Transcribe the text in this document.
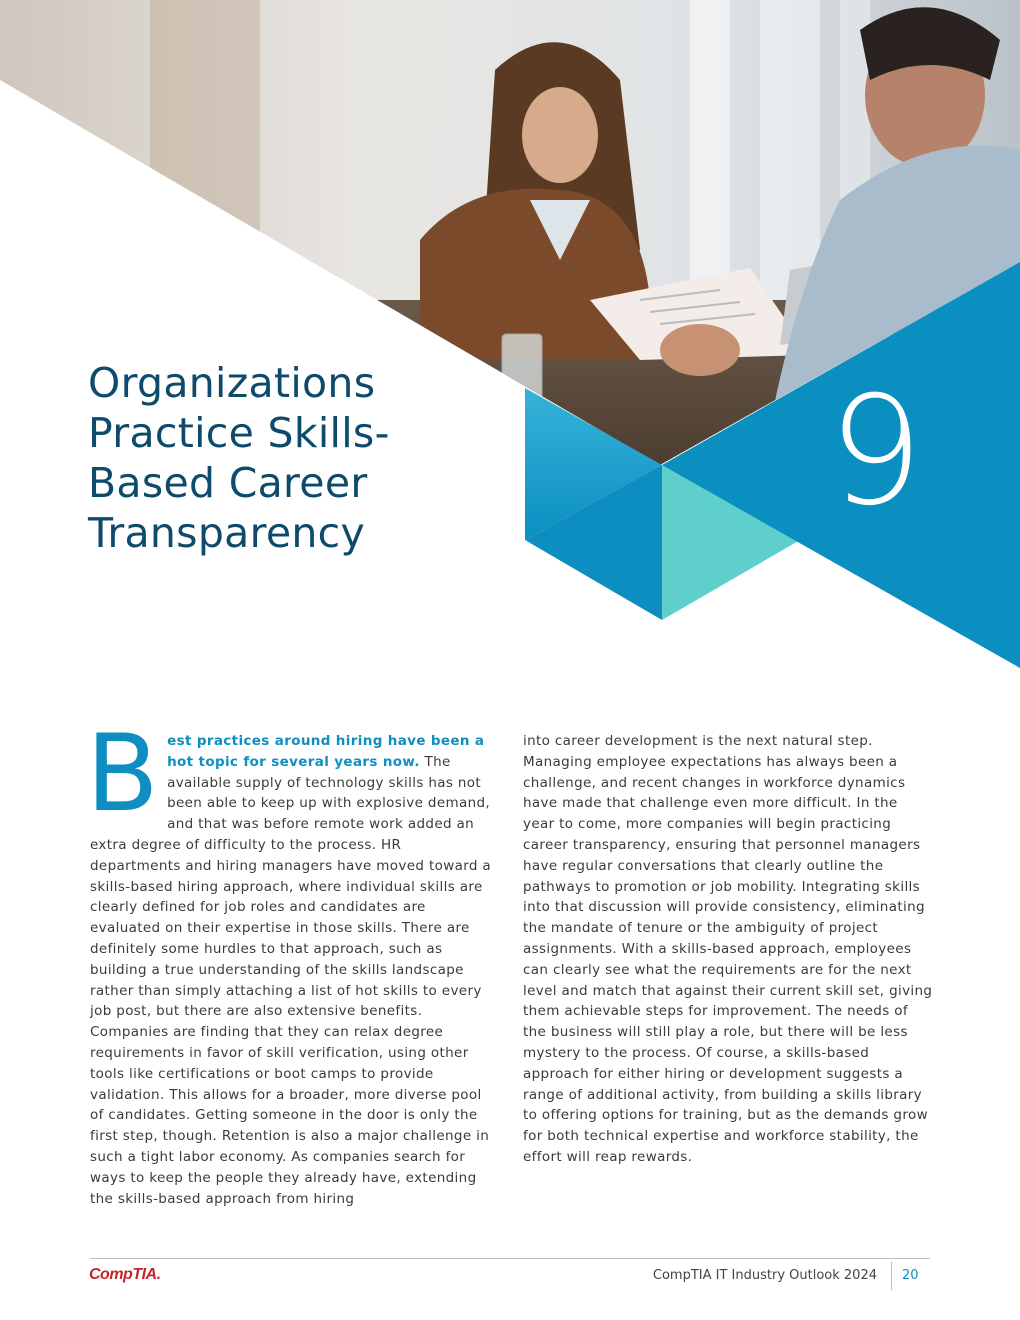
Organizations Practice Skills-Based Career Transparency	9
Best practices around hiring have been a hot topic for several years now. The available supply of technology skills has not been able to keep up with explosive demand, and that was before remote work added an extra degree of difficulty to the process. HR departments and hiring managers have moved toward a skills-based hiring approach, where individual skills are clearly defined for job roles and candidates are evaluated on their expertise in those skills. There are definitely some hurdles to that approach, such as building a true understanding of the skills landscape rather than simply attaching a list of hot skills to every job post, but there are also extensive benefits. Companies are finding that they can relax degree requirements in favor of skill verification, using other tools like certifications or boot camps to provide validation. This allows for a broader, more diverse pool of candidates. Getting someone in the door is only the first step, though. Retention is also a major challenge in such a tight labor economy. As companies search for ways to keep the people they already have, extending the skills-based approach from hiring
into career development is the next natural step. Managing employee expectations has always been a challenge, and recent changes in workforce dynamics have made that challenge even more difficult. In the year to come, more companies will begin practicing career transparency, ensuring that personnel managers have regular conversations that clearly outline the pathways to promotion or job mobility. Integrating skills into that discussion will provide consistency, eliminating the mandate of tenure or the ambiguity of project assignments. With a skills-based approach, employees can clearly see what the requirements are for the next level and match that against their current skill set, giving them achievable steps for improvement. The needs of the business will still play a role, but there will be less mystery to the process. Of course, a skills-based approach for either hiring or development suggests a range of additional activity, from building a skills library to offering options for training, but as the demands grow for both technical expertise and workforce stability, the effort will reap rewards.
CompTIA.	CompTIA IT Industry Outlook 2024 20
